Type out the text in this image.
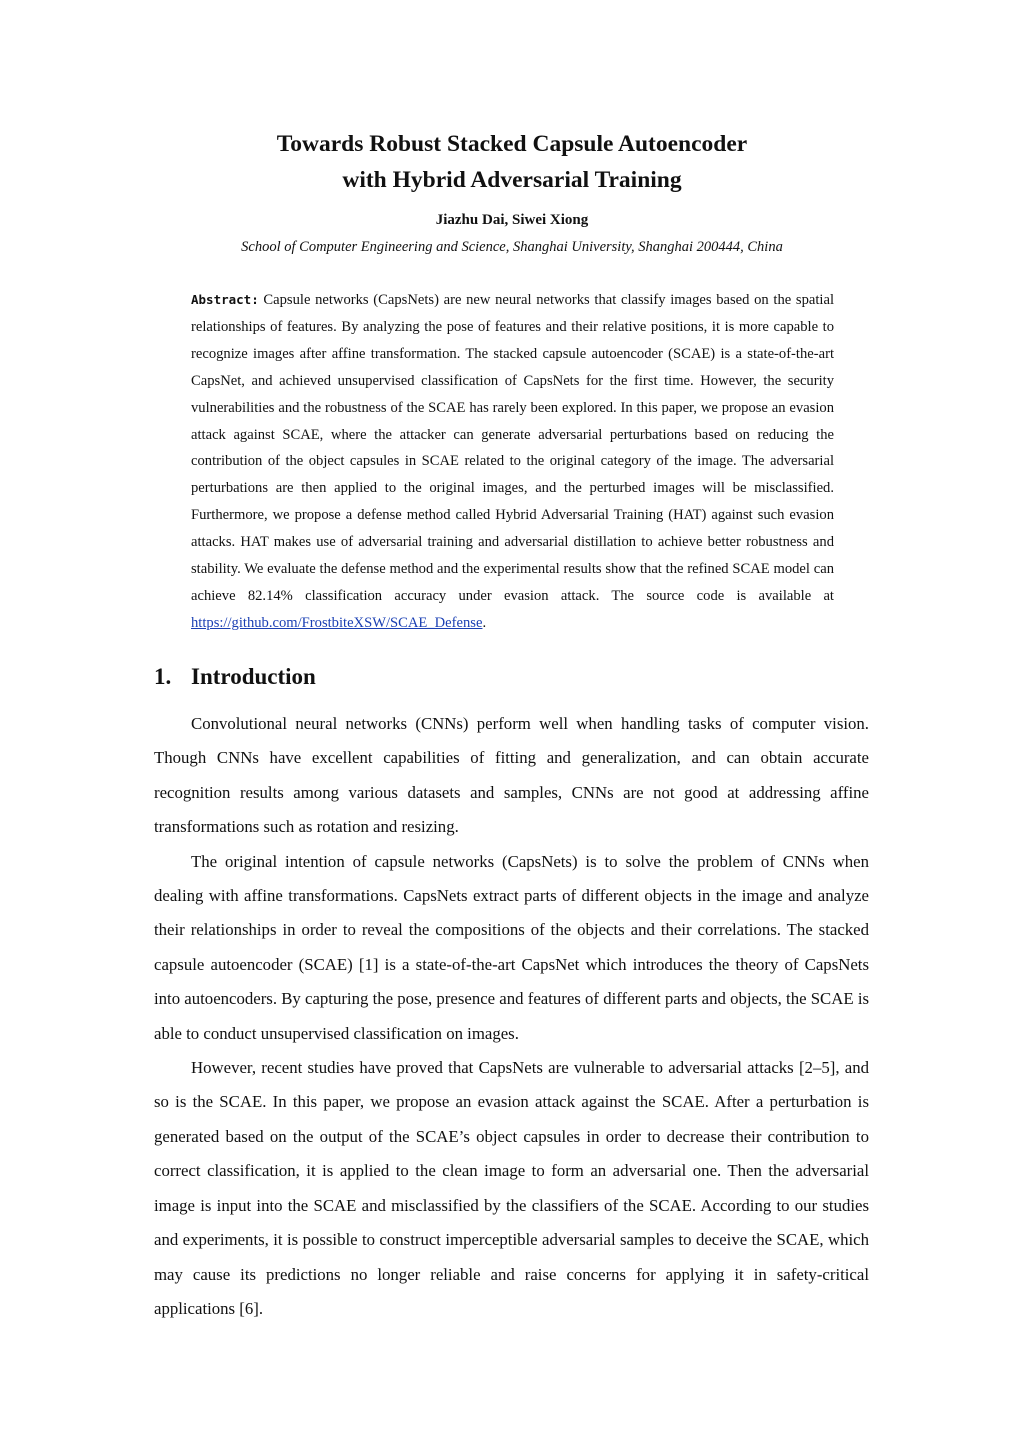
Towards Robust Stacked Capsule Autoencoder
with Hybrid Adversarial Training
Jiazhu Dai, Siwei Xiong
School of Computer Engineering and Science, Shanghai University, Shanghai 200444, China
Abstract: Capsule networks (CapsNets) are new neural networks that classify images based on the spatial relationships of features. By analyzing the pose of features and their relative positions, it is more capable to recognize images after affine transformation. The stacked capsule autoencoder (SCAE) is a state-of-the-art CapsNet, and achieved unsupervised classification of CapsNets for the first time. However, the security vulnerabilities and the robustness of the SCAE has rarely been explored. In this paper, we propose an evasion attack against SCAE, where the attacker can generate adversarial perturbations based on reducing the contribution of the object capsules in SCAE related to the original category of the image. The adversarial perturbations are then applied to the original images, and the perturbed images will be misclassified. Furthermore, we propose a defense method called Hybrid Adversarial Training (HAT) against such evasion attacks. HAT makes use of adversarial training and adversarial distillation to achieve better robustness and stability. We evaluate the defense method and the experimental results show that the refined SCAE model can achieve 82.14% classification accuracy under evasion attack. The source code is available at https://github.com/FrostbiteXSW/SCAE_Defense.
1. Introduction

Convolutional neural networks (CNNs) perform well when handling tasks of computer vision. Though CNNs have excellent capabilities of fitting and generalization, and can obtain accurate recognition results among various datasets and samples, CNNs are not good at addressing affine transformations such as rotation and resizing.

The original intention of capsule networks (CapsNets) is to solve the problem of CNNs when dealing with affine transformations. CapsNets extract parts of different objects in the image and analyze their relationships in order to reveal the compositions of the objects and their correlations. The stacked capsule autoencoder (SCAE) [1] is a state-of-the-art CapsNet which introduces the theory of CapsNets into autoencoders. By capturing the pose, presence and features of different parts and objects, the SCAE is able to conduct unsupervised classification on images.

However, recent studies have proved that CapsNets are vulnerable to adversarial attacks [2–5], and so is the SCAE. In this paper, we propose an evasion attack against the SCAE. After a perturbation is generated based on the output of the SCAE’s object capsules in order to decrease their contribution to correct classification, it is applied to the clean image to form an adversarial one. Then the adversarial image is input into the SCAE and misclassified by the classifiers of the SCAE. According to our studies and experiments, it is possible to construct imperceptible adversarial samples to deceive the SCAE, which may cause its predictions no longer reliable and raise concerns for applying it in safety-critical applications [6].
